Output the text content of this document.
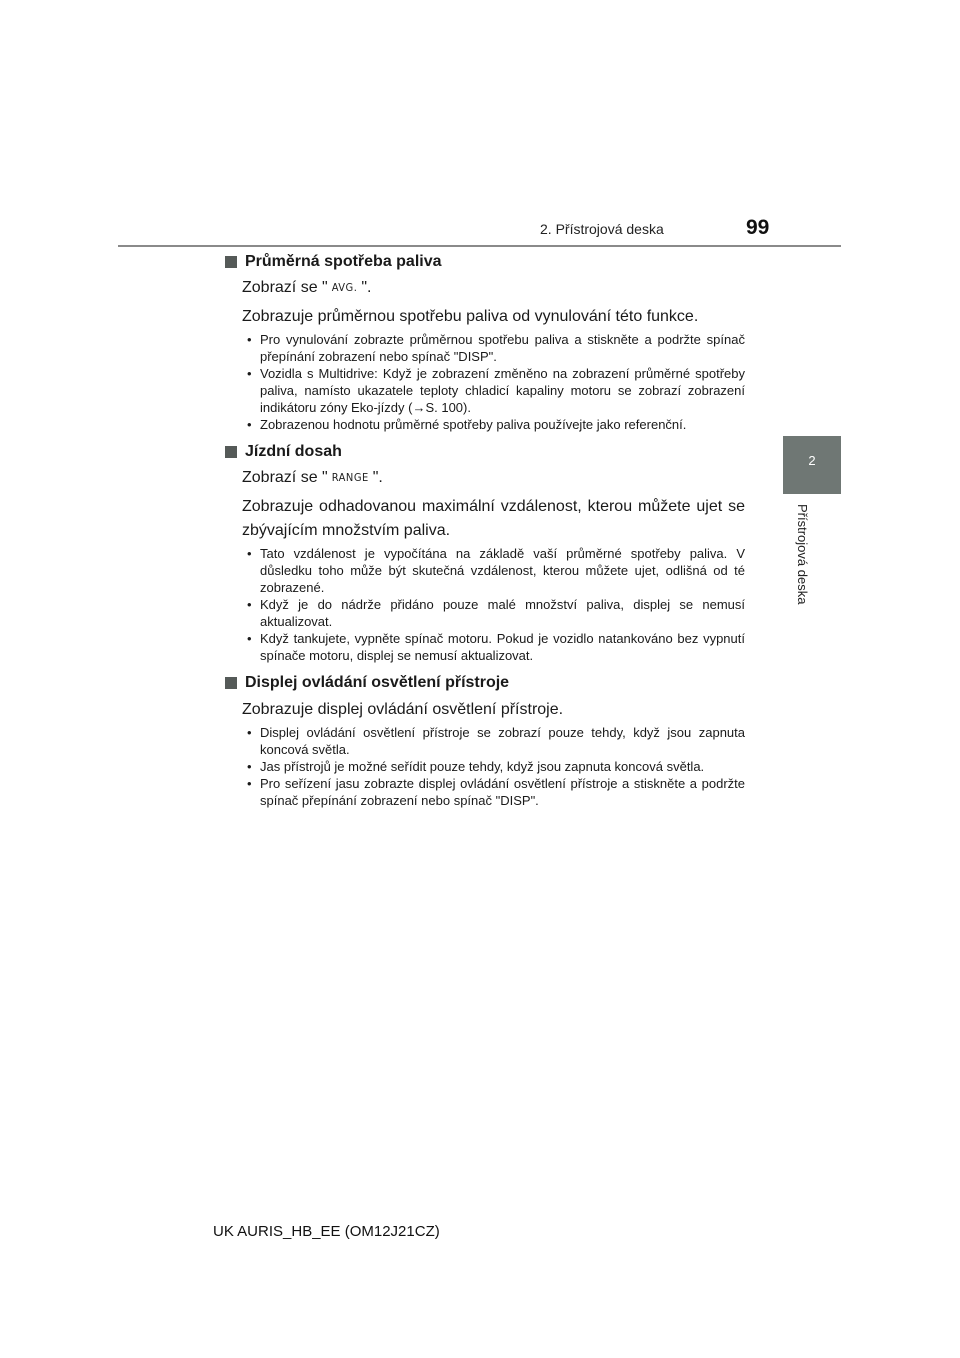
2. Přístrojová deska	99
2
Přístrojová deska
Průměrná spotřeba paliva
Zobrazí se " AVG. ".
Zobrazuje průměrnou spotřebu paliva od vynulování této funkce.
• Pro vynulování zobrazte průměrnou spotřebu paliva a stiskněte a podržte spínač přepínání zobrazení nebo spínač "DISP".
• Vozidla s Multidrive: Když je zobrazení změněno na zobrazení průměrné spotřeby paliva, namísto ukazatele teploty chladicí kapaliny motoru se zobrazí zobrazení indikátoru zóny Eko-jízdy (→S. 100).
• Zobrazenou hodnotu průměrné spotřeby paliva používejte jako referenční.
Jízdní dosah
Zobrazí se " RANGE ".
Zobrazuje odhadovanou maximální vzdálenost, kterou můžete ujet se zbývajícím množstvím paliva.
• Tato vzdálenost je vypočítána na základě vaší průměrné spotřeby paliva. V důsledku toho může být skutečná vzdálenost, kterou můžete ujet, odlišná od té zobrazené.
• Když je do nádrže přidáno pouze malé množství paliva, displej se nemusí aktualizovat.
• Když tankujete, vypněte spínač motoru. Pokud je vozidlo natankováno bez vypnutí spínače motoru, displej se nemusí aktualizovat.
Displej ovládání osvětlení přístroje
Zobrazuje displej ovládání osvětlení přístroje.
• Displej ovládání osvětlení přístroje se zobrazí pouze tehdy, když jsou zapnuta koncová světla.
• Jas přístrojů je možné seřídit pouze tehdy, když jsou zapnuta koncová světla.
• Pro seřízení jasu zobrazte displej ovládání osvětlení přístroje a stiskněte a podržte spínač přepínání zobrazení nebo spínač "DISP".
UK AURIS_HB_EE (OM12J21CZ)
